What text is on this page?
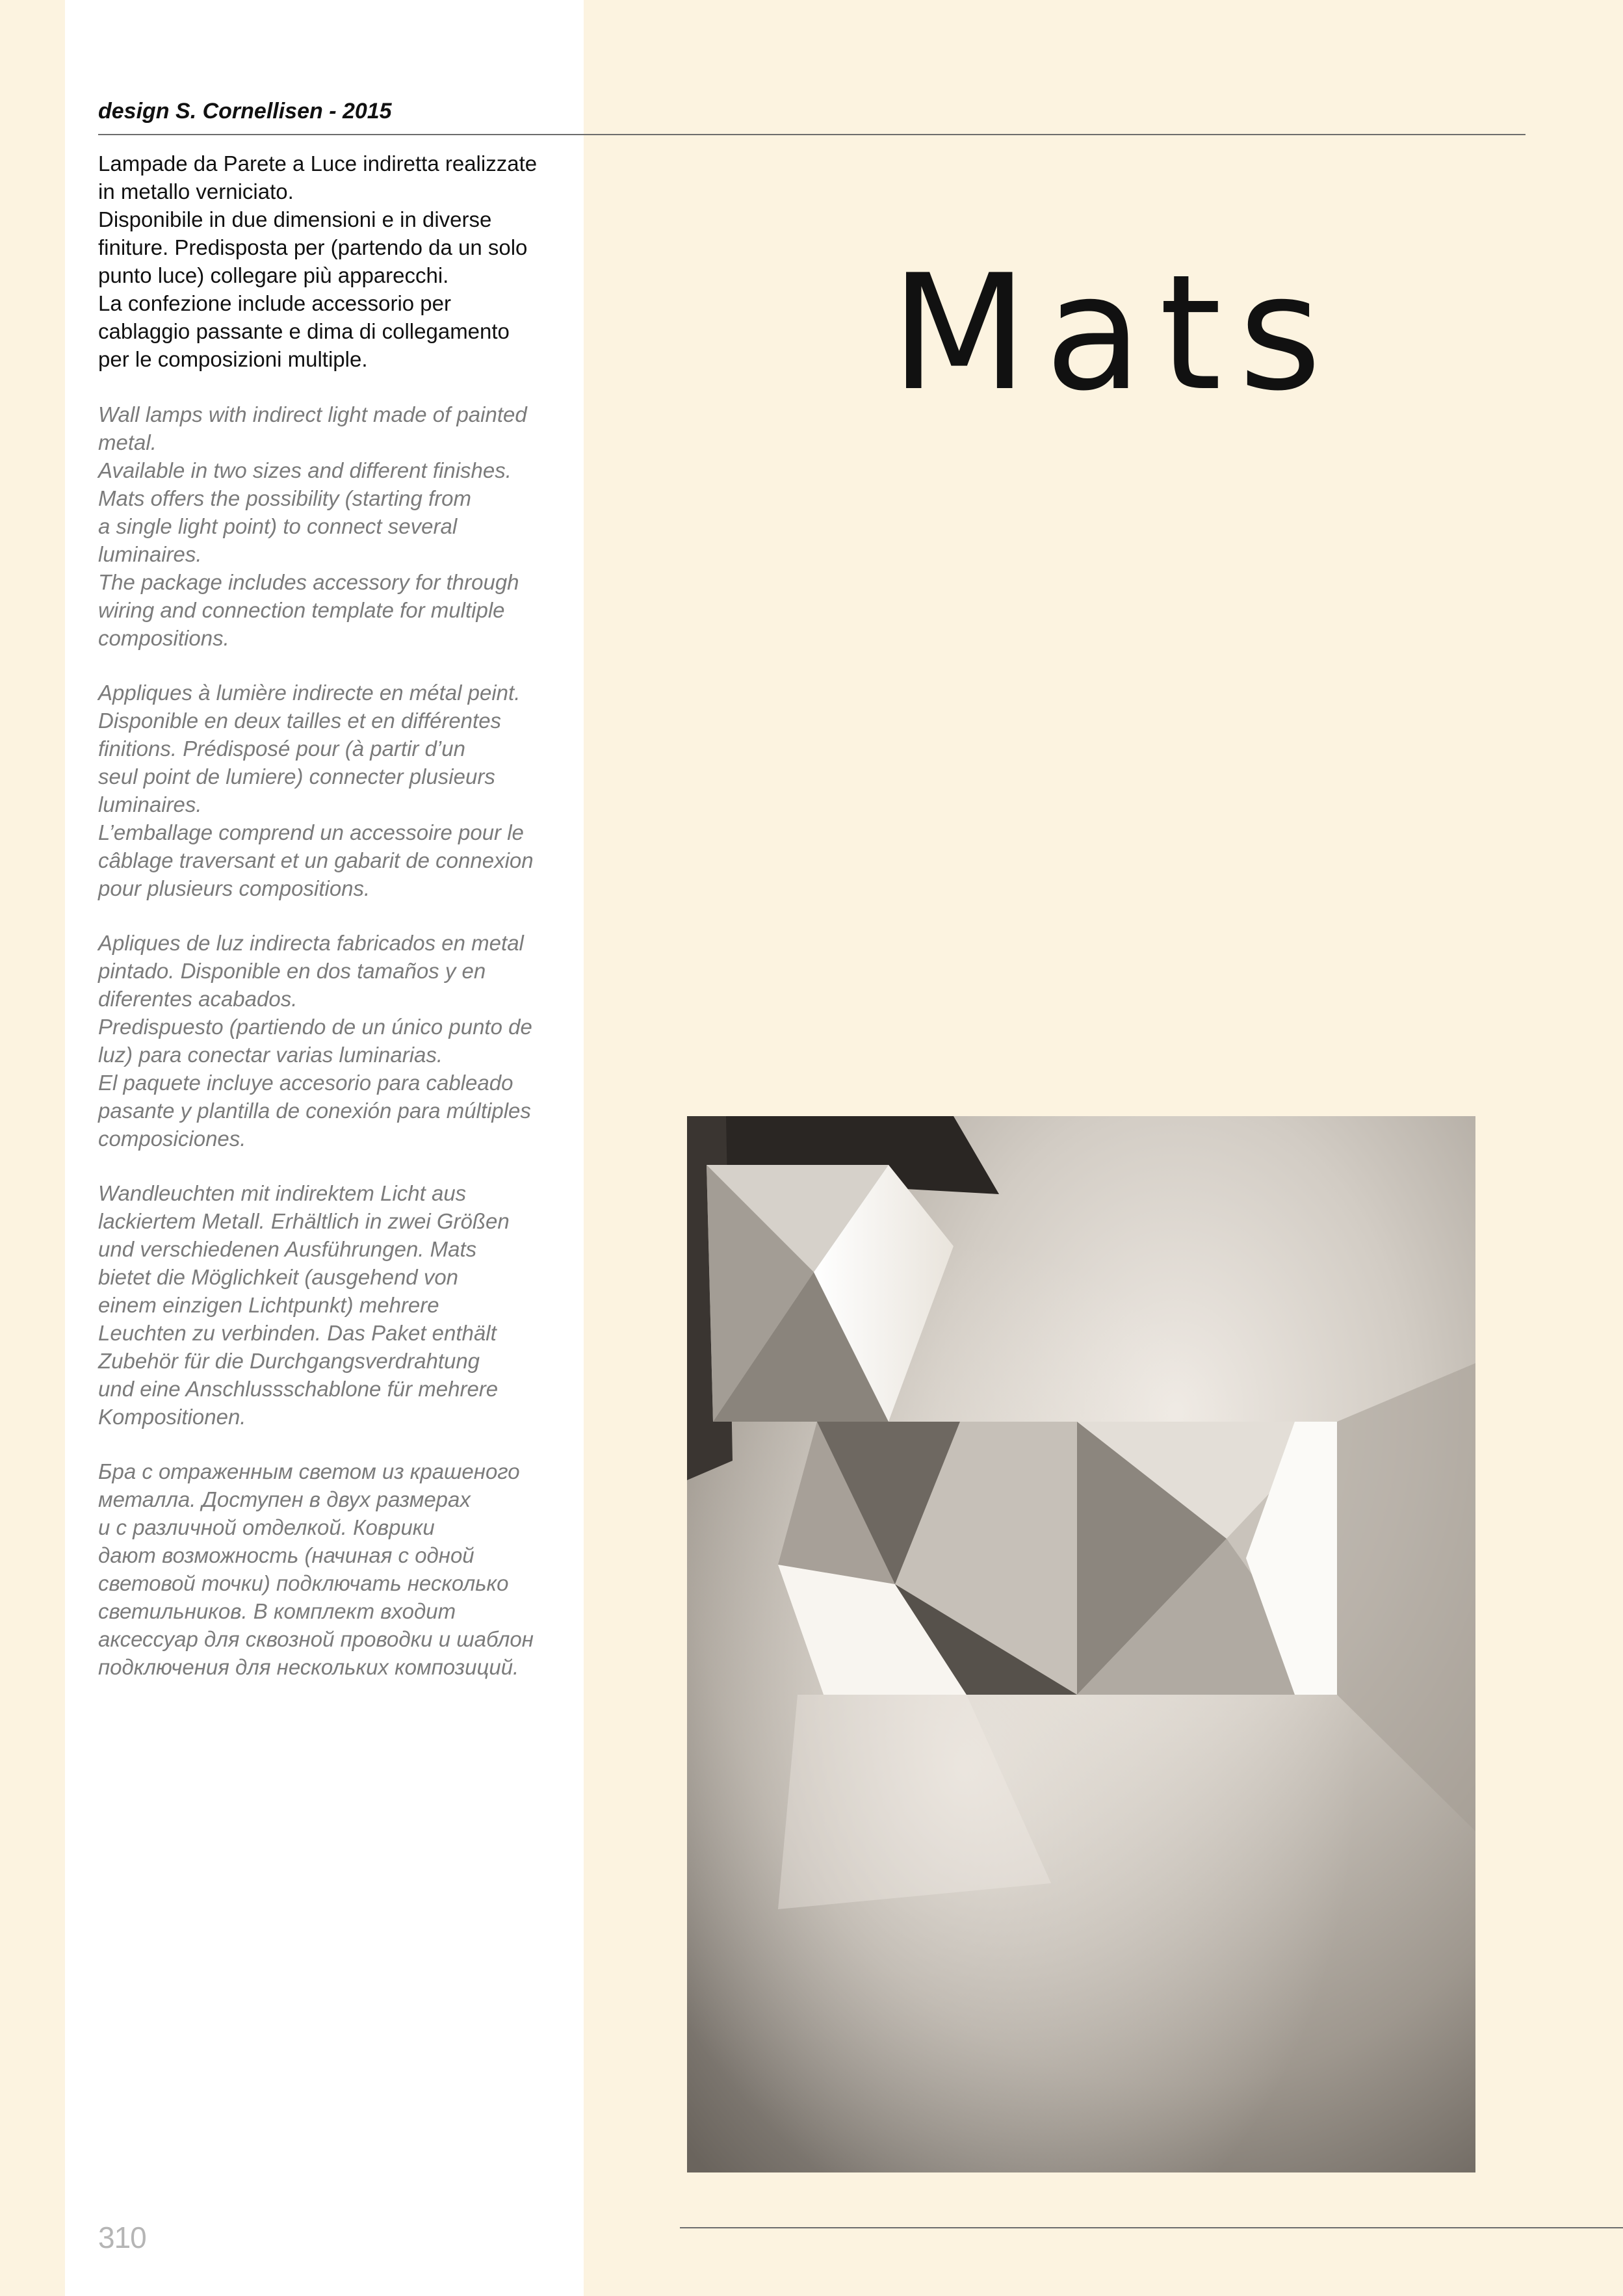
design S. Cornellisen - 2015
Lampade da Parete a Luce indiretta realizzate
in metallo verniciato.
Disponibile in due dimensioni e in diverse
finiture. Predisposta per (partendo da un solo
punto luce) collegare più apparecchi.
La confezione include accessorio per
cablaggio passante e dima di collegamento
per le composizioni multiple.
Wall lamps with indirect light made of painted
metal.
Available in two sizes and different finishes.
Mats offers the possibility (starting from
a single light point) to connect several
luminaires.
The package includes accessory for through
wiring and connection template for multiple
compositions.
Appliques à lumière indirecte en métal peint.
Disponible en deux tailles et en différentes
finitions. Prédisposé pour (à partir d’un
seul point de lumiere) connecter plusieurs
luminaires.
L’emballage comprend un accessoire pour le
câblage traversant et un gabarit de connexion
pour plusieurs compositions.
Apliques de luz indirecta fabricados en metal
pintado. Disponible en dos tamaños y en
diferentes acabados.
Predispuesto (partiendo de un único punto de
luz) para conectar varias luminarias.
El paquete incluye accesorio para cableado
pasante y plantilla de conexión para múltiples
composiciones.
Wandleuchten mit indirektem Licht aus
lackiertem Metall. Erhältlich in zwei Größen
und verschiedenen Ausführungen. Mats
bietet die Möglichkeit (ausgehend von
einem einzigen Lichtpunkt) mehrere
Leuchten zu verbinden. Das Paket enthält
Zubehör für die Durchgangsverdrahtung
und eine Anschlussschablone für mehrere
Kompositionen.
Бра с отраженным светом из крашеного
металла. Доступен в двух размерах
и с различной отделкой. Коврики
дают возможность (начиная с одной
световой точки) подключать несколько
светильников. В комплект входит
аксессуар для сквозной проводки и шаблон
подключения для нескольких композиций.
Mats
310
